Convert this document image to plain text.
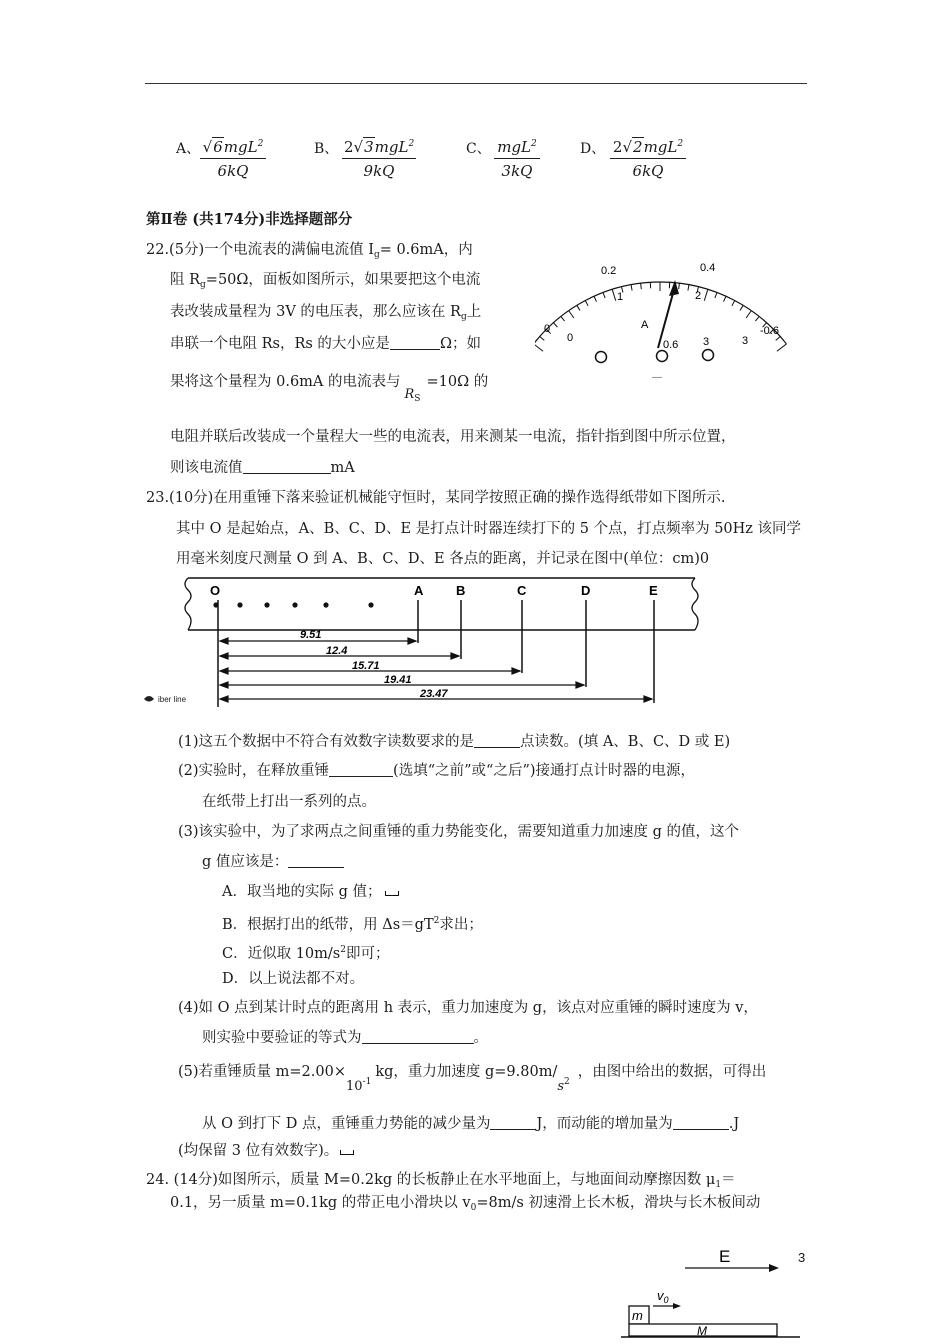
A、 √6mgL$^2$
6kQ
B、 2√3mgL$^2$
9kQ
C、 mgL$^2$
3kQ
D、 2√2mgL$^2$
6kQ
第Ⅱ卷 (共174分)非选择题部分
22.(5分)一个电流表的满偏电流值 $I_g= 0.6mA$，内
阻 $R_g=50\Omega$，面板如图所示，如果要把这个电流
表改装成量程为 3V 的电压表，那么应该在 $R_g$上
串联一个电阻 Rs，Rs 的大小应是	Ω；如
果将这个量程为 0.6mA 的电流表与$R_S=10\Omega$ 的
电阻并联后改装成一个量程大一些的电流表，用来测某一电流，指针指到图中所示位置，
则该电流值	mA
0.2	0.4
1	2
0
0
-0.6
3
A
0.6 3
—
23.(10分)在用重锤下落来验证机械能守恒时，某同学按照正确的操作选得纸带如下图所示.
其中 O 是起始点，A、B、C、D、E 是打点计时器连续打下的 5 个点，打点频率为 50Hz 该同学
用毫米刻度尺测量 O 到 A、B、C、D、E 各点的距离，并记录在图中(单位：cm)0
O	A	B	C	D	E
9.51
12.4
15.71
19.41
23.47
iber line
(1)这五个数据中不符合有效数字读数要求的是	点读数。(填 A、B、C、D 或 E)
(2)实验时，在释放重锤	(选填“之前”或“之后”)接通打点计时器的电源，
在纸带上打出一系列的点。
(3)该实验中，为了求两点之间重锤的重力势能变化，需要知道重力加速度 g 的值，这个
g 值应该是：
A．取当地的实际 g 值；
B．根据打出的纸带，用 $\Delta s=gT^2$求出；
C．近似取 $10m/s^2$即可；
D．以上说法都不对。
(4)如 O 点到某计时点的距离用 h 表示，重力加速度为 g，该点对应重锤的瞬时速度为 v，
则实验中要验证的等式为	。
(5)若重锤质量 $m=2.00\times 10_{-1}kg$，重力加速度 $g=9.80m/s_2$，由图中给出的数据，可得出
从 O 到打下 D 点，重锤重力势能的减少量为	J，而动能的增加量为	.J
(均保留 3 位有效数字)。
24. (14分)如图所示，质量 M=0.2kg 的长板静止在水平地面上，与地面间动摩擦因数 $\mu_1=$
0.1，另一质量 m=0.1kg 的带正电小滑块以 $v_0=8m/s$ 初速滑上长木板，滑块与长木板间动
E
$v_0$
m
M
3
